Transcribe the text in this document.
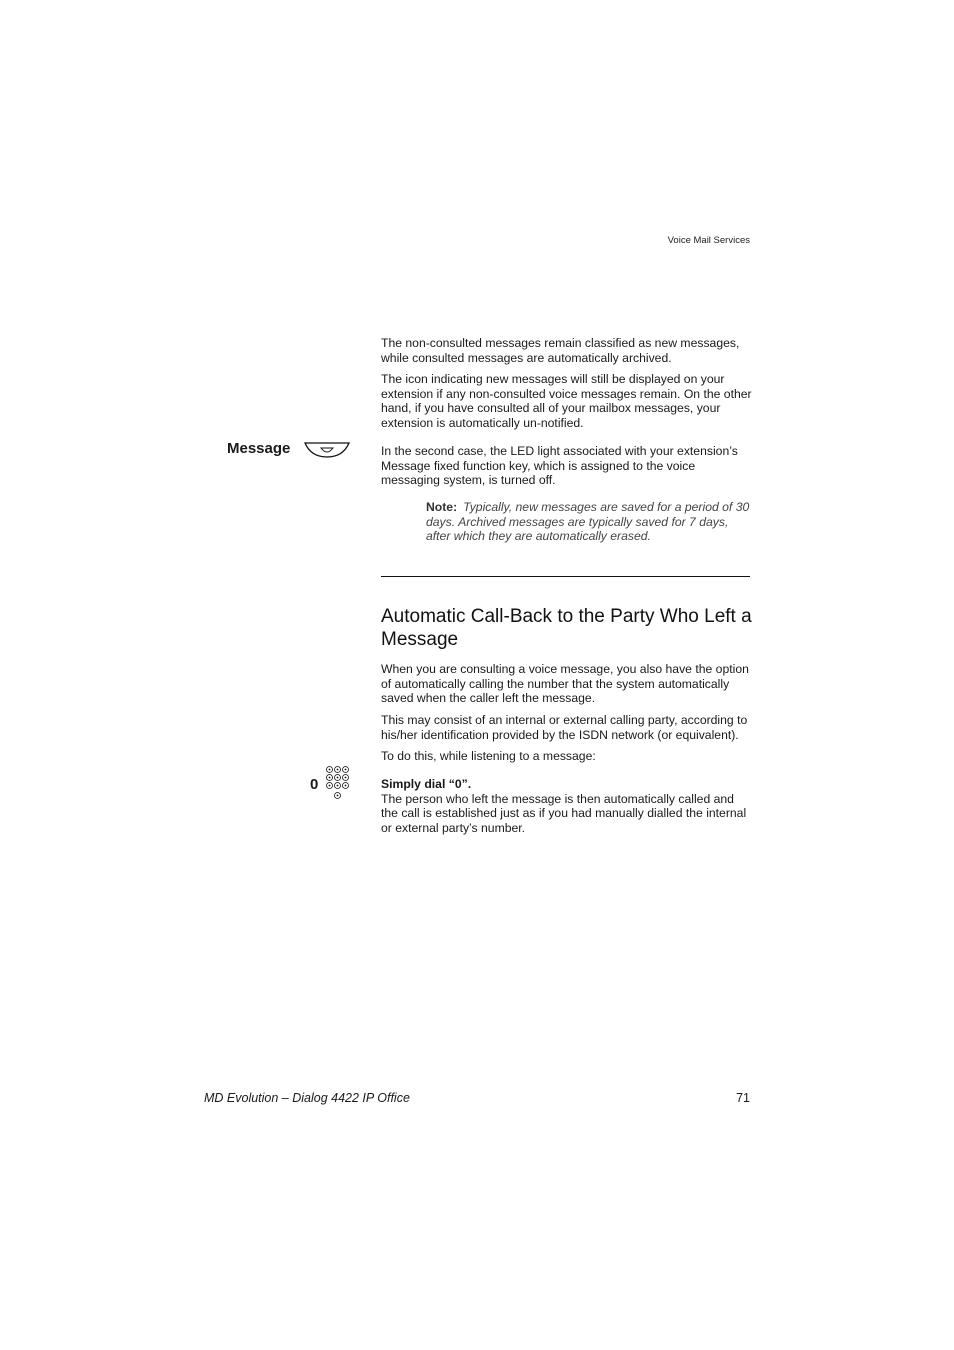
Voice Mail Services

The non-consulted messages remain classified as new messages, while consulted messages are automatically archived.

The icon indicating new messages will still be displayed on your extension if any non-consulted voice messages remain. On the other hand, if you have consulted all of your mailbox messages, your extension is automatically un-notified.

Message	In the second case, the LED light associated with your extension’s Message fixed function key, which is assigned to the voice messaging system, is turned off.

Note: Typically, new messages are saved for a period of 30 days. Archived messages are typically saved for 7 days, after which they are automatically erased.
Automatic Call-Back to the Party Who Left a Message

When you are consulting a voice message, you also have the option of automatically calling the number that the system automatically saved when the caller left the message.

This may consist of an internal or external calling party, according to his/her identification provided by the ISDN network (or equivalent).

To do this, while listening to a message:

0	Simply dial “0”.
The person who left the message is then automatically called and the call is established just as if you had manually dialled the internal or external party’s number.

MD Evolution – Dialog 4422 IP Office	71
